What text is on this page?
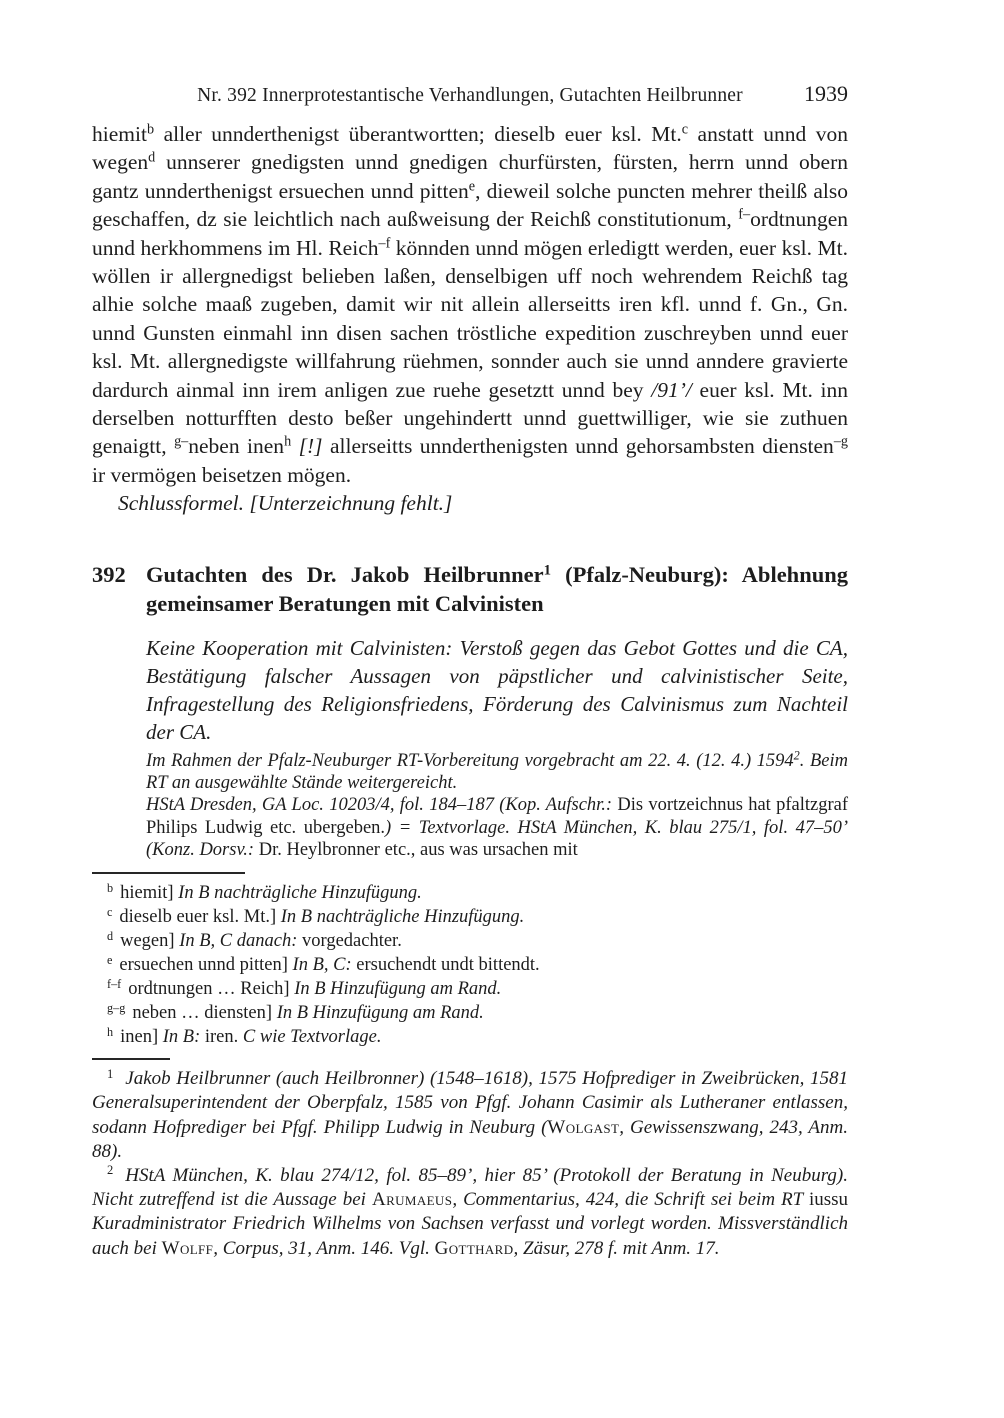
Nr. 392 Innerprotestantische Verhandlungen, Gutachten Heilbrunner	1939

hiemit$^b$ aller unnderthenigst überantwortten; dieselb euer ksl. Mt.$^c$ anstatt unnd von wegen$^d$ unnserer gnedigsten unnd gnedigen churfürsten, fürsten, herrn unnd obern gantz unnderthenigst ersuechen unnd pitten$^e$, dieweil solche puncten mehrer theilß also geschaffen, dz sie leichtlich nach außweisung der Reichß constitutionum, $^{f-}$ordtnungen unnd herkhommens im Hl. Reich$^{-f}$ könnden unnd mögen erledigtt werden, euer ksl. Mt. wöllen ir allergnedigst belieben laßen, denselbigen uff noch wehrendem Reichß tag alhie solche maaß zugeben, damit wir nit allein allerseitts iren kfl. unnd f. Gn., Gn. unnd Gunsten einmahl inn disen sachen tröstliche expedition zuschreyben unnd euer ksl. Mt. allergnedigste willfahrung rüehmen, sonnder auch sie unnd anndere gravierte dardurch ainmal inn irem anligen zue ruehe gesetztt unnd bey /91’/ euer ksl. Mt. inn derselben notturfften desto beßer ungehindertt unnd guettwilliger, wie sie zuthuen genaigtt, $^{g-}$neben inen$^h$ [!] allerseitts unnderthenigsten unnd gehorsambsten diensten$^{-g}$ ir vermögen beisetzen mögen.

Schlussformel. [Unterzeichnung fehlt.]

392 Gutachten des Dr. Jakob Heilbrunner$^1$ (Pfalz-Neuburg): Ablehnung gemeinsamer Beratungen mit Calvinisten

Keine Kooperation mit Calvinisten: Verstoß gegen das Gebot Gottes und die CA, Bestätigung falscher Aussagen von päpstlicher und calvinistischer Seite, Infragestellung des Religionsfriedens, Förderung des Calvinismus zum Nachteil der CA.

Im Rahmen der Pfalz-Neuburger RT-Vorbereitung vorgebracht am 22. 4. (12. 4.) 1594$^2$. Beim RT an ausgewählte Stände weitergereicht.

HStA Dresden, GA Loc. 10203/4, fol. 184–187 (Kop. Aufschr.: Dis vortzeichnus hat pfaltzgraf Philips Ludwig etc. ubergeben.) = Textvorlage. HStA München, K. blau 275/1, fol. 47–50’ (Konz. Dorsv.: Dr. Heylbronner etc., aus was ursachen mit

$^b$ hiemit] In B nachträgliche Hinzufügung.
$^c$ dieselb euer ksl. Mt.] In B nachträgliche Hinzufügung.
$^d$ wegen] In B, C danach: vorgedachter.
$^e$ ersuechen unnd pitten] In B, C: ersuchendt undt bittendt.
$^{f-f}$ ordtnungen … Reich] In B Hinzufügung am Rand.
$^{g-g}$ neben … diensten] In B Hinzufügung am Rand.
$^h$ inen] In B: iren. C wie Textvorlage.

$^1$ Jakob Heilbrunner (auch Heilbronner) (1548–1618), 1575 Hofprediger in Zweibrücken, 1581 Generalsuperintendent der Oberpfalz, 1585 von Pfgf. Johann Casimir als Lutheraner entlassen, sodann Hofprediger bei Pfgf. Philipp Ludwig in Neuburg (Wolgast, Gewissenszwang, 243, Anm. 88).

$^2$ HStA München, K. blau 274/12, fol. 85–89’, hier 85’ (Protokoll der Beratung in Neuburg). Nicht zutreffend ist die Aussage bei Arumaeus, Commentarius, 424, die Schrift sei beim RT iussu Kuradministrator Friedrich Wilhelms von Sachsen verfasst und vorlegt worden. Missverständlich auch bei Wolff, Corpus, 31, Anm. 146. Vgl. Gotthard, Zäsur, 278 f. mit Anm. 17.
